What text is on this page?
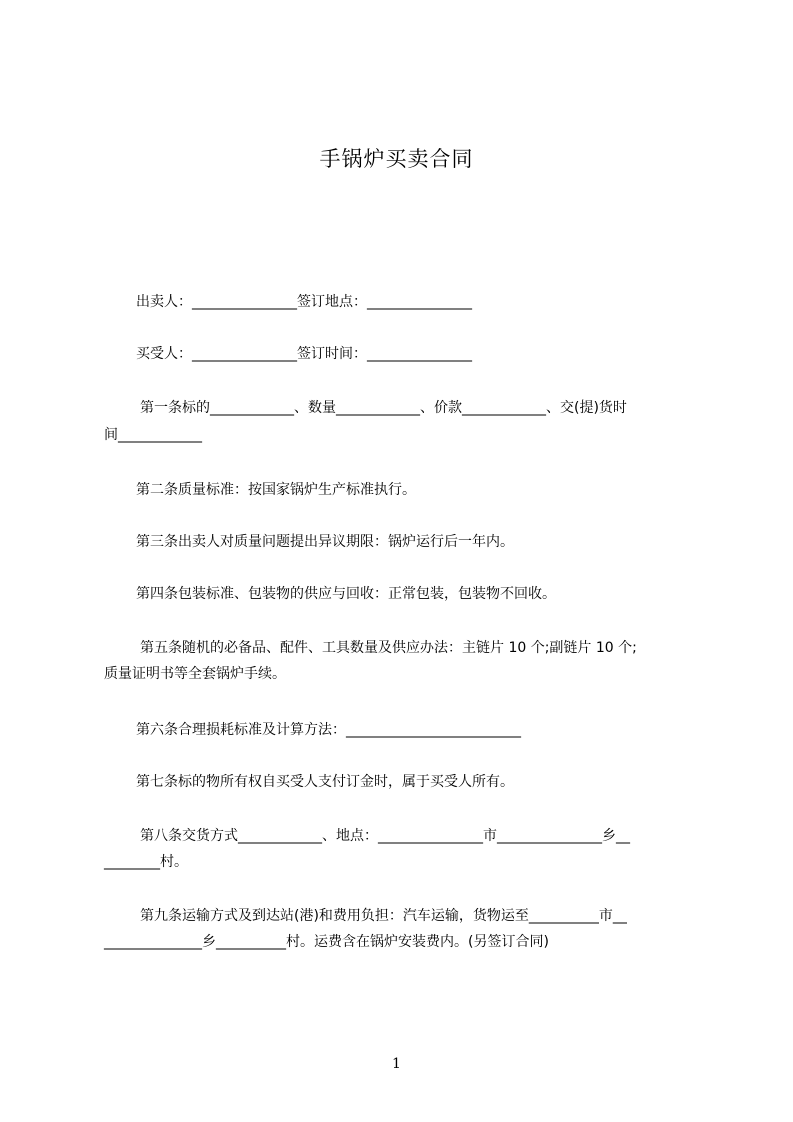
手锅炉买卖合同
出卖人：_______________签订地点：_______________
买受人：_______________签订时间：_______________
第一条标的____________、数量____________、价款____________、交(提)货时
间____________
第二条质量标准：按国家锅炉生产标准执行。
第三条出卖人对质量问题提出异议期限：锅炉运行后一年内。
第四条包装标准、包装物的供应与回收：正常包装，包装物不回收。
第五条随机的必备品、配件、工具数量及供应办法：主链片 10 个;副链片 10 个;
质量证明书等全套锅炉手续。
第六条合理损耗标准及计算方法：_________________________
第七条标的物所有权自买受人支付订金时，属于买受人所有。
第八条交货方式____________、地点：_______________市_______________乡__
________村。
第九条运输方式及到达站(港)和费用负担：汽车运输，货物运至__________市__
______________乡__________村。运费含在锅炉安装费内。(另签订合同)
1
